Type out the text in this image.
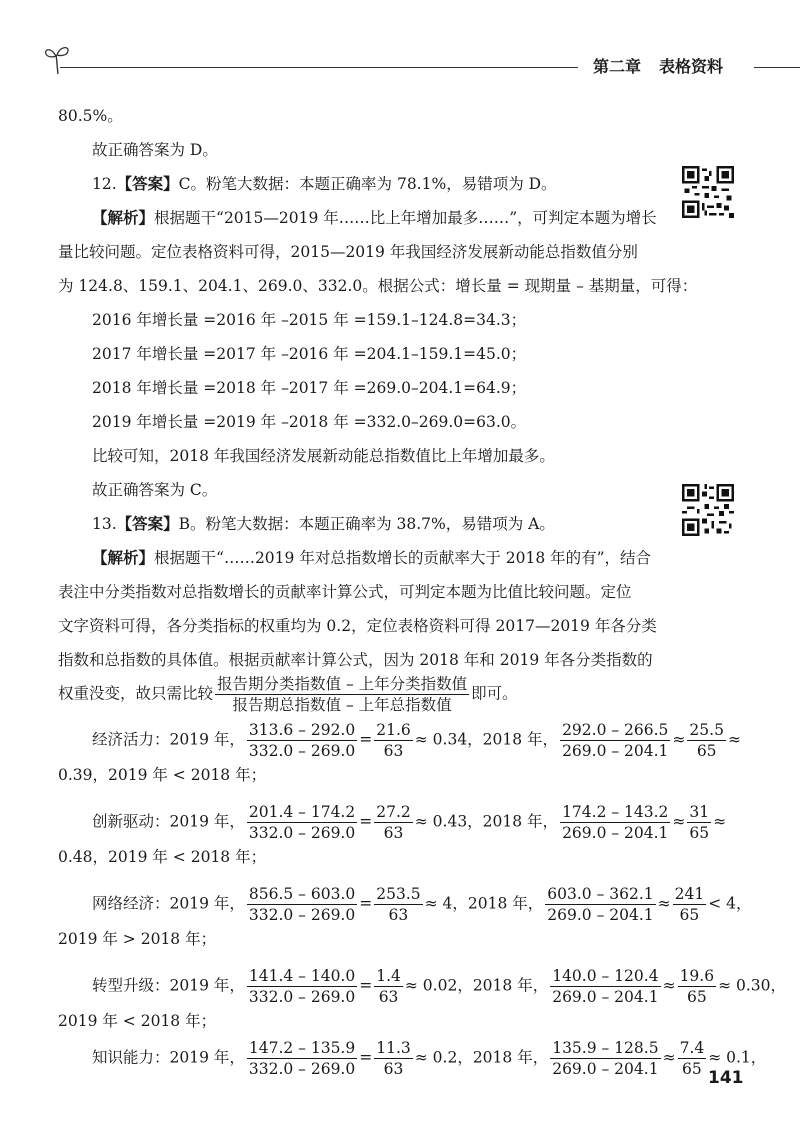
第二章 表格资料
80.5%。
故正确答案为 D。
12.【答案】C。粉笔大数据：本题正确率为 78.1%，易错项为 D。
【解析】根据题干“2015—2019 年……比上年增加最多……”，可判定本题为增长
量比较问题。定位表格资料可得，2015—2019 年我国经济发展新动能总指数值分别
为 124.8、159.1、204.1、269.0、332.0。根据公式：增长量 = 现期量 – 基期量，可得：
2016 年增长量 =2016 年 –2015 年 =159.1–124.8=34.3；
2017 年增长量 =2017 年 –2016 年 =204.1–159.1=45.0；
2018 年增长量 =2018 年 –2017 年 =269.0–204.1=64.9；
2019 年增长量 =2019 年 –2018 年 =332.0–269.0=63.0。
比较可知，2018 年我国经济发展新动能总指数值比上年增加最多。
故正确答案为 C。
13.【答案】B。粉笔大数据：本题正确率为 38.7%，易错项为 A。
【解析】根据题干“……2019 年对总指数增长的贡献率大于 2018 年的有”，结合
表注中分类指数对总指数增长的贡献率计算公式，可判定本题为比值比较问题。定位
文字资料可得，各分类指标的权重均为 0.2，定位表格资料可得 2017—2019 年各分类
指数和总指数的具体值。根据贡献率计算公式，因为 2018 年和 2019 年各分类指数的
权重没变，故只需比较 $\frac{\text{报告期分类指数值 – 上年分类指数值}}{\text{报告期总指数值 – 上年总指数值}}$ 即可。
经济活力：2019 年， $\frac{313.6 - 292.0}{332.0 - 269.0} = \frac{21.6}{63} \approx 0.34$，2018 年， $\frac{292.0 - 266.5}{269.0 - 204.1} \approx \frac{25.5}{65}$ ≈
0.39，2019 年 < 2018 年；
创新驱动：2019 年， $\frac{201.4 - 174.2}{332.0 - 269.0} = \frac{27.2}{63} \approx 0.43$，2018 年， $\frac{174.2 - 143.2}{269.0 - 204.1} \approx \frac{31}{65}$ ≈
0.48，2019 年 < 2018 年；
网络经济：2019 年， $\frac{856.5 - 603.0}{332.0 - 269.0} = \frac{253.5}{63} \approx 4$，2018 年， $\frac{603.0 - 362.1}{269.0 - 204.1} \approx \frac{241}{65} < 4$，
2019 年 > 2018 年；
转型升级：2019 年， $\frac{141.4 - 140.0}{332.0 - 269.0} = \frac{1.4}{63} \approx 0.02$，2018 年， $\frac{140.0 - 120.4}{269.0 - 204.1} \approx \frac{19.6}{65} \approx 0.30$，
2019 年 < 2018 年；
知识能力：2019 年， $\frac{147.2 - 135.9}{332.0 - 269.0} = \frac{11.3}{63} \approx 0.2$，2018 年， $\frac{135.9 - 128.5}{269.0 - 204.1} \approx \frac{7.4}{65} \approx 0.1$，
141
